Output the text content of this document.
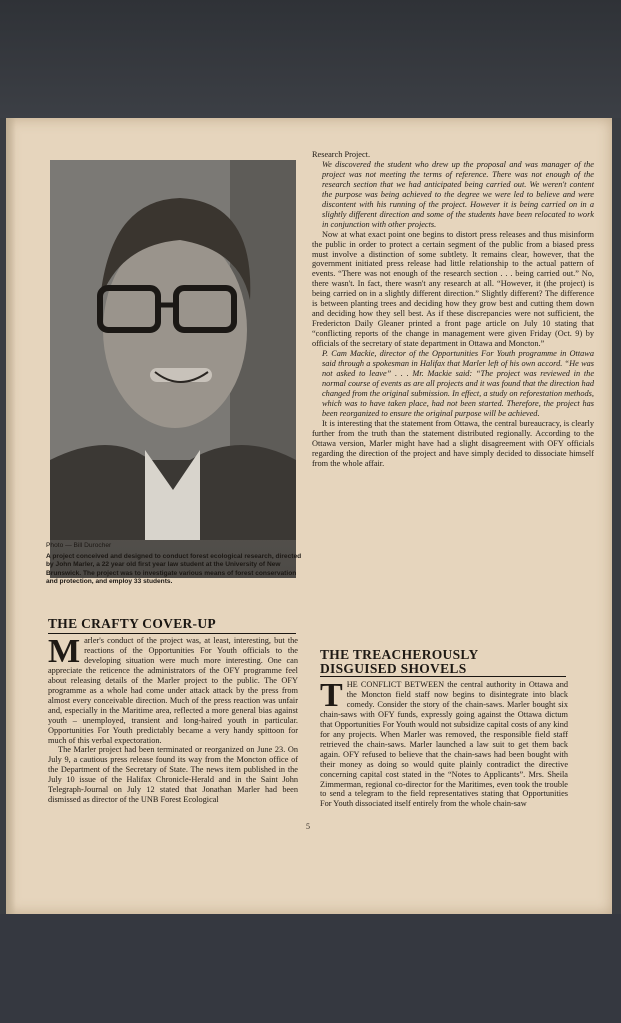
Photo — Bill Durocher
A project conceived and designed to conduct forest ecological research, directed by John Marler, a 22 year old first year law student at the University of New Brunswick. The project was to investigate various means of forest conservation and protection, and employ 33 students.

Research Project.

We discovered the student who drew up the proposal and was manager of the project was not meeting the terms of reference. There was not enough of the research section that we had anticipated being carried out. We weren't content the purpose was being achieved to the degree we were led to believe and were discontent with his running of the project. However it is being carried on in a slightly different direction and some of the students have been relocated to work in conjunction with other projects.

Now at what exact point one begins to distort press releases and thus misinform the public in order to protect a certain segment of the public from a biased press must involve a distinction of some subtlety. It remains clear, however, that the government initiated press release had little relationship to the actual pattern of events. “There was not enough of the research section . . . being carried out.” No, there wasn't. In fact, there wasn't any research at all. “However, it (the project) is being carried on in a slightly different direction.” Slightly different? The difference is between planting trees and deciding how they grow best and cutting them down and deciding how they sell best. As if these discrepancies were not sufficient, the Fredericton Daily Gleaner printed a front page article on July 10 stating that “conflicting reports of the change in management were given Friday (Oct. 9) by officials of the secretary of state department in Ottawa and Moncton.”

P. Cam Mackie, director of the Opportunities For Youth programme in Ottawa said through a spokesman in Halifax that Marler left of his own accord. “He was not asked to leave” . . . Mr. Mackie said: “The project was reviewed in the normal course of events as are all projects and it was found that the direction had changed from the original submission. In effect, a study on reforestation methods, which was to have taken place, had not been started. Therefore, the project has been reorganized to ensure the original purpose will be achieved.

It is interesting that the statement from Ottawa, the central bureaucracy, is clearly further from the truth than the statement distributed regionally. According to the Ottawa version, Marler might have had a slight disagreement with OFY officials regarding the direction of the project and have simply decided to dissociate himself from the whole affair.

THE CRAFTY COVER-UP
M arler's conduct of the project was, at least, interesting, but the reactions of the Opportunities For Youth officials to the developing situation were much more interesting. One can appreciate the reticence the administrators of the OFY programme feel about releasing details of the Marler project to the public. The OFY programme as a whole had come under attack attack by the press from almost every conceivable direction. Much of the press reaction was unfair and, especially in the Maritime area, reflected a more general bias against youth – unemployed, transient and long-haired youth in particular. Opportunities For Youth predictably became a very handy spittoon for much of this verbal expectoration.

The Marler project had been terminated or reorganized on June 23. On July 9, a cautious press release found its way from the Moncton office of the Department of the Secretary of State. The news item published in the July 10 issue of the Halifax Chronicle-Herald and in the Saint John Telegraph-Journal on July 12 stated that Jonathan Marler had been dismissed as director of the UNB Forest Ecological

THE TREACHEROUSLY
DISGUISED SHOVELS
T HE CONFLICT BETWEEN the central authority in Ottawa and the Moncton field staff now begins to disintegrate into black comedy. Consider the story of the chain-saws. Marler bought six chain-saws with OFY funds, expressly going against the Ottawa dictum that Opportunities For Youth would not subsidize capital costs of any kind for any projects. When Marler was removed, the responsible field staff retrieved the chain-saws. Marler launched a law suit to get them back again. OFY refused to believe that the chain-saws had been bought with their money as doing so would quite plainly contradict the directive concerning capital cost stated in the “Notes to Applicants”. Mrs. Sheila Zimmerman, regional co-director for the Maritimes, even took the trouble to send a telegram to the field representatives stating that Opportunities For Youth dissociated itself entirely from the whole chain-saw

5
